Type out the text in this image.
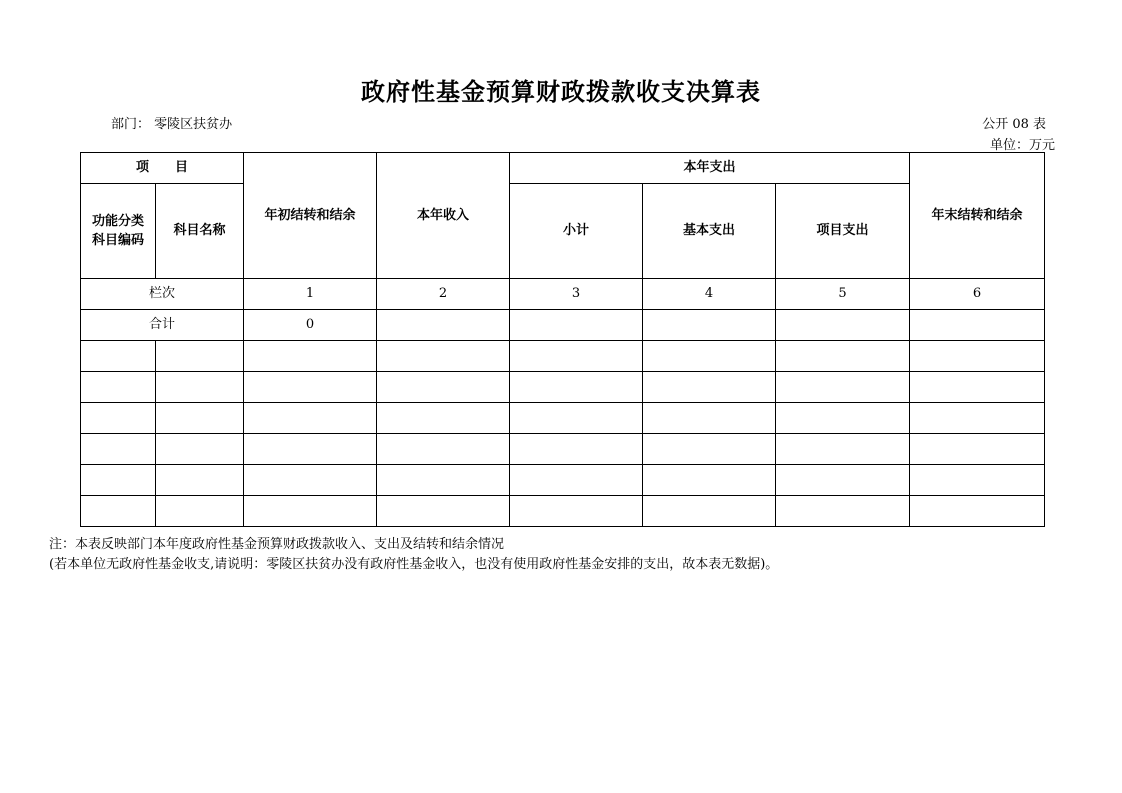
政府性基金预算财政拨款收支决算表
部门： 零陵区扶贫办	公开 08 表
单位：万元
项　　目		年初结转和结余	本年收入	本年支出			年末结转和结余
功能分类科目编码	科目名称			小计	基本支出	项目支出	
栏次		1	2	3	4	5	6
合计		0					

注：本表反映部门本年度政府性基金预算财政拨款收入、支出及结转和结余情况
(若本单位无政府性基金收支,请说明：零陵区扶贫办没有政府性基金收入，也没有使用政府性基金安排的支出，故本表无数据)。
